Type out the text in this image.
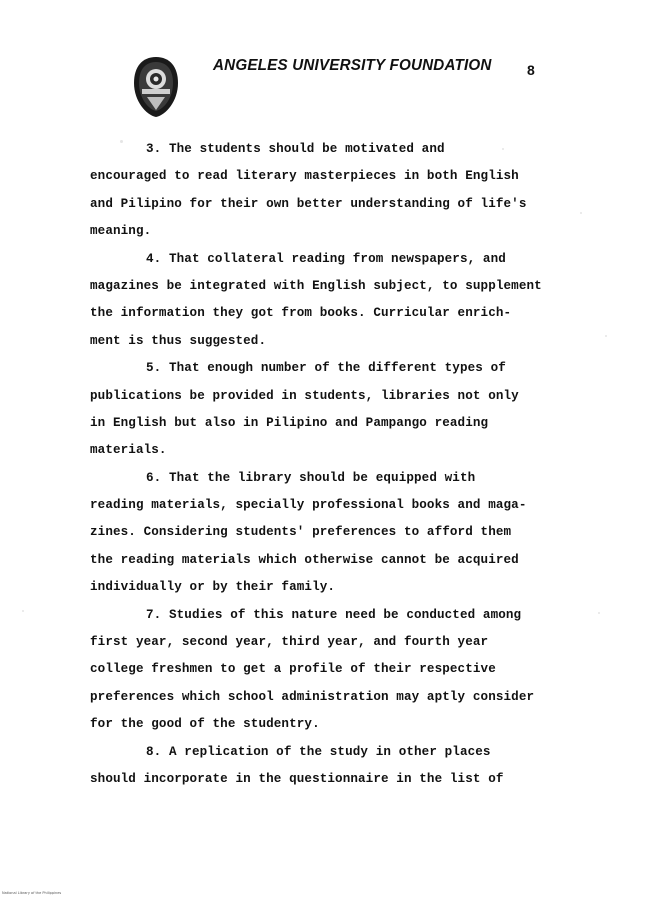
ANGELES UNIVERSITY FOUNDATION	8
3. The students should be motivated and
encouraged to read literary masterpieces in both English
and Pilipino for their own better understanding of life's
meaning.
4. That collateral reading from newspapers, and
magazines be integrated with English subject, to supplement
the information they got from books. Curricular enrich-
ment is thus suggested.
5. That enough number of the different types of
publications be provided in students, libraries not only
in English but also in Pilipino and Pampango reading
materials.
6. That the library should be equipped with
reading materials, specially professional books and maga-
zines. Considering students' preferences to afford them
the reading materials which otherwise cannot be acquired
individually or by their family.
7. Studies of this nature need be conducted among
first year, second year, third year, and fourth year
college freshmen to get a profile of their respective
preferences which school administration may aptly consider
for the good of the studentry.
8. A replication of the study in other places
should incorporate in the questionnaire in the list of
National Library of the Philippines
